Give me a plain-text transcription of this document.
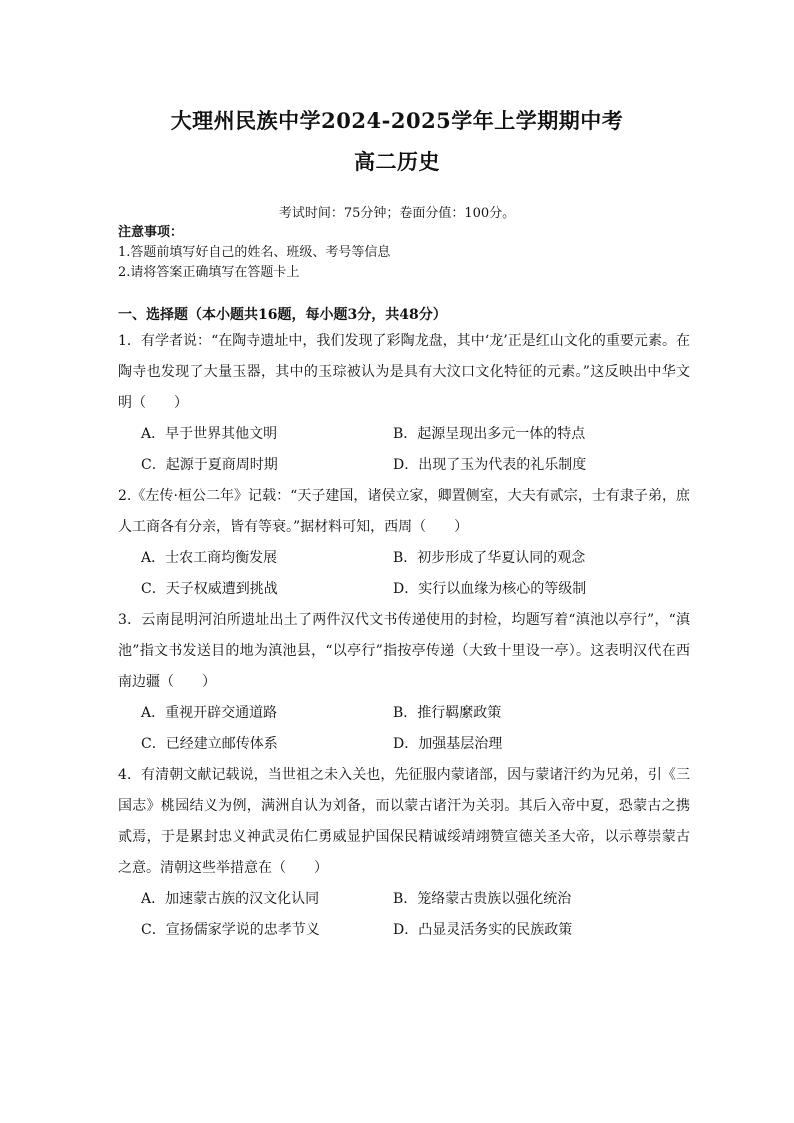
大理州民族中学2024-2025学年上学期期中考
高二历史
考试时间：75分钟；卷面分值：100分。
注意事项：
1.答题前填写好自己的姓名、班级、考号等信息
2.请将答案正确填写在答题卡上
一、选择题（本小题共16题，每小题3分，共48分）

1．有学者说：“在陶寺遗址中，我们发现了彩陶龙盘，其中‘龙’正是红山文化的重要元素。在陶寺也发现了大量玉器，其中的玉琮被认为是具有大汶口文化特征的元素。”这反映出中华文明（　　）

A．早于世界其他文明	B．起源呈现出多元一体的特点
C．起源于夏商周时期	D．出现了玉为代表的礼乐制度

2.《左传·桓公二年》记载：“天子建国，诸侯立家，卿置侧室，大夫有贰宗，士有隶子弟，庶人工商各有分亲，皆有等衰。”据材料可知，西周（　　）

A．士农工商均衡发展	B．初步形成了华夏认同的观念
C．天子权威遭到挑战	D．实行以血缘为核心的等级制

3．云南昆明河泊所遗址出土了两件汉代文书传递使用的封检，均题写着“滇池以亭行”，“滇池”指文书发送目的地为滇池县，“以亭行”指按亭传递（大致十里设一亭）。这表明汉代在西南边疆（　　）

A．重视开辟交通道路	B．推行羁縻政策
C．已经建立邮传体系	D．加强基层治理

4．有清朝文献记载说，当世祖之未入关也，先征服内蒙诸部，因与蒙诸汗约为兄弟，引《三国志》桃园结义为例，满洲自认为刘备，而以蒙古诸汗为关羽。其后入帝中夏，恐蒙古之携贰焉，于是累封忠义神武灵佑仁勇威显护国保民精诚绥靖翊赞宣德关圣大帝，以示尊崇蒙古之意。清朝这些举措意在（　　）

A．加速蒙古族的汉文化认同	B．笼络蒙古贵族以强化统治
C．宣扬儒家学说的忠孝节义	D．凸显灵活务实的民族政策
